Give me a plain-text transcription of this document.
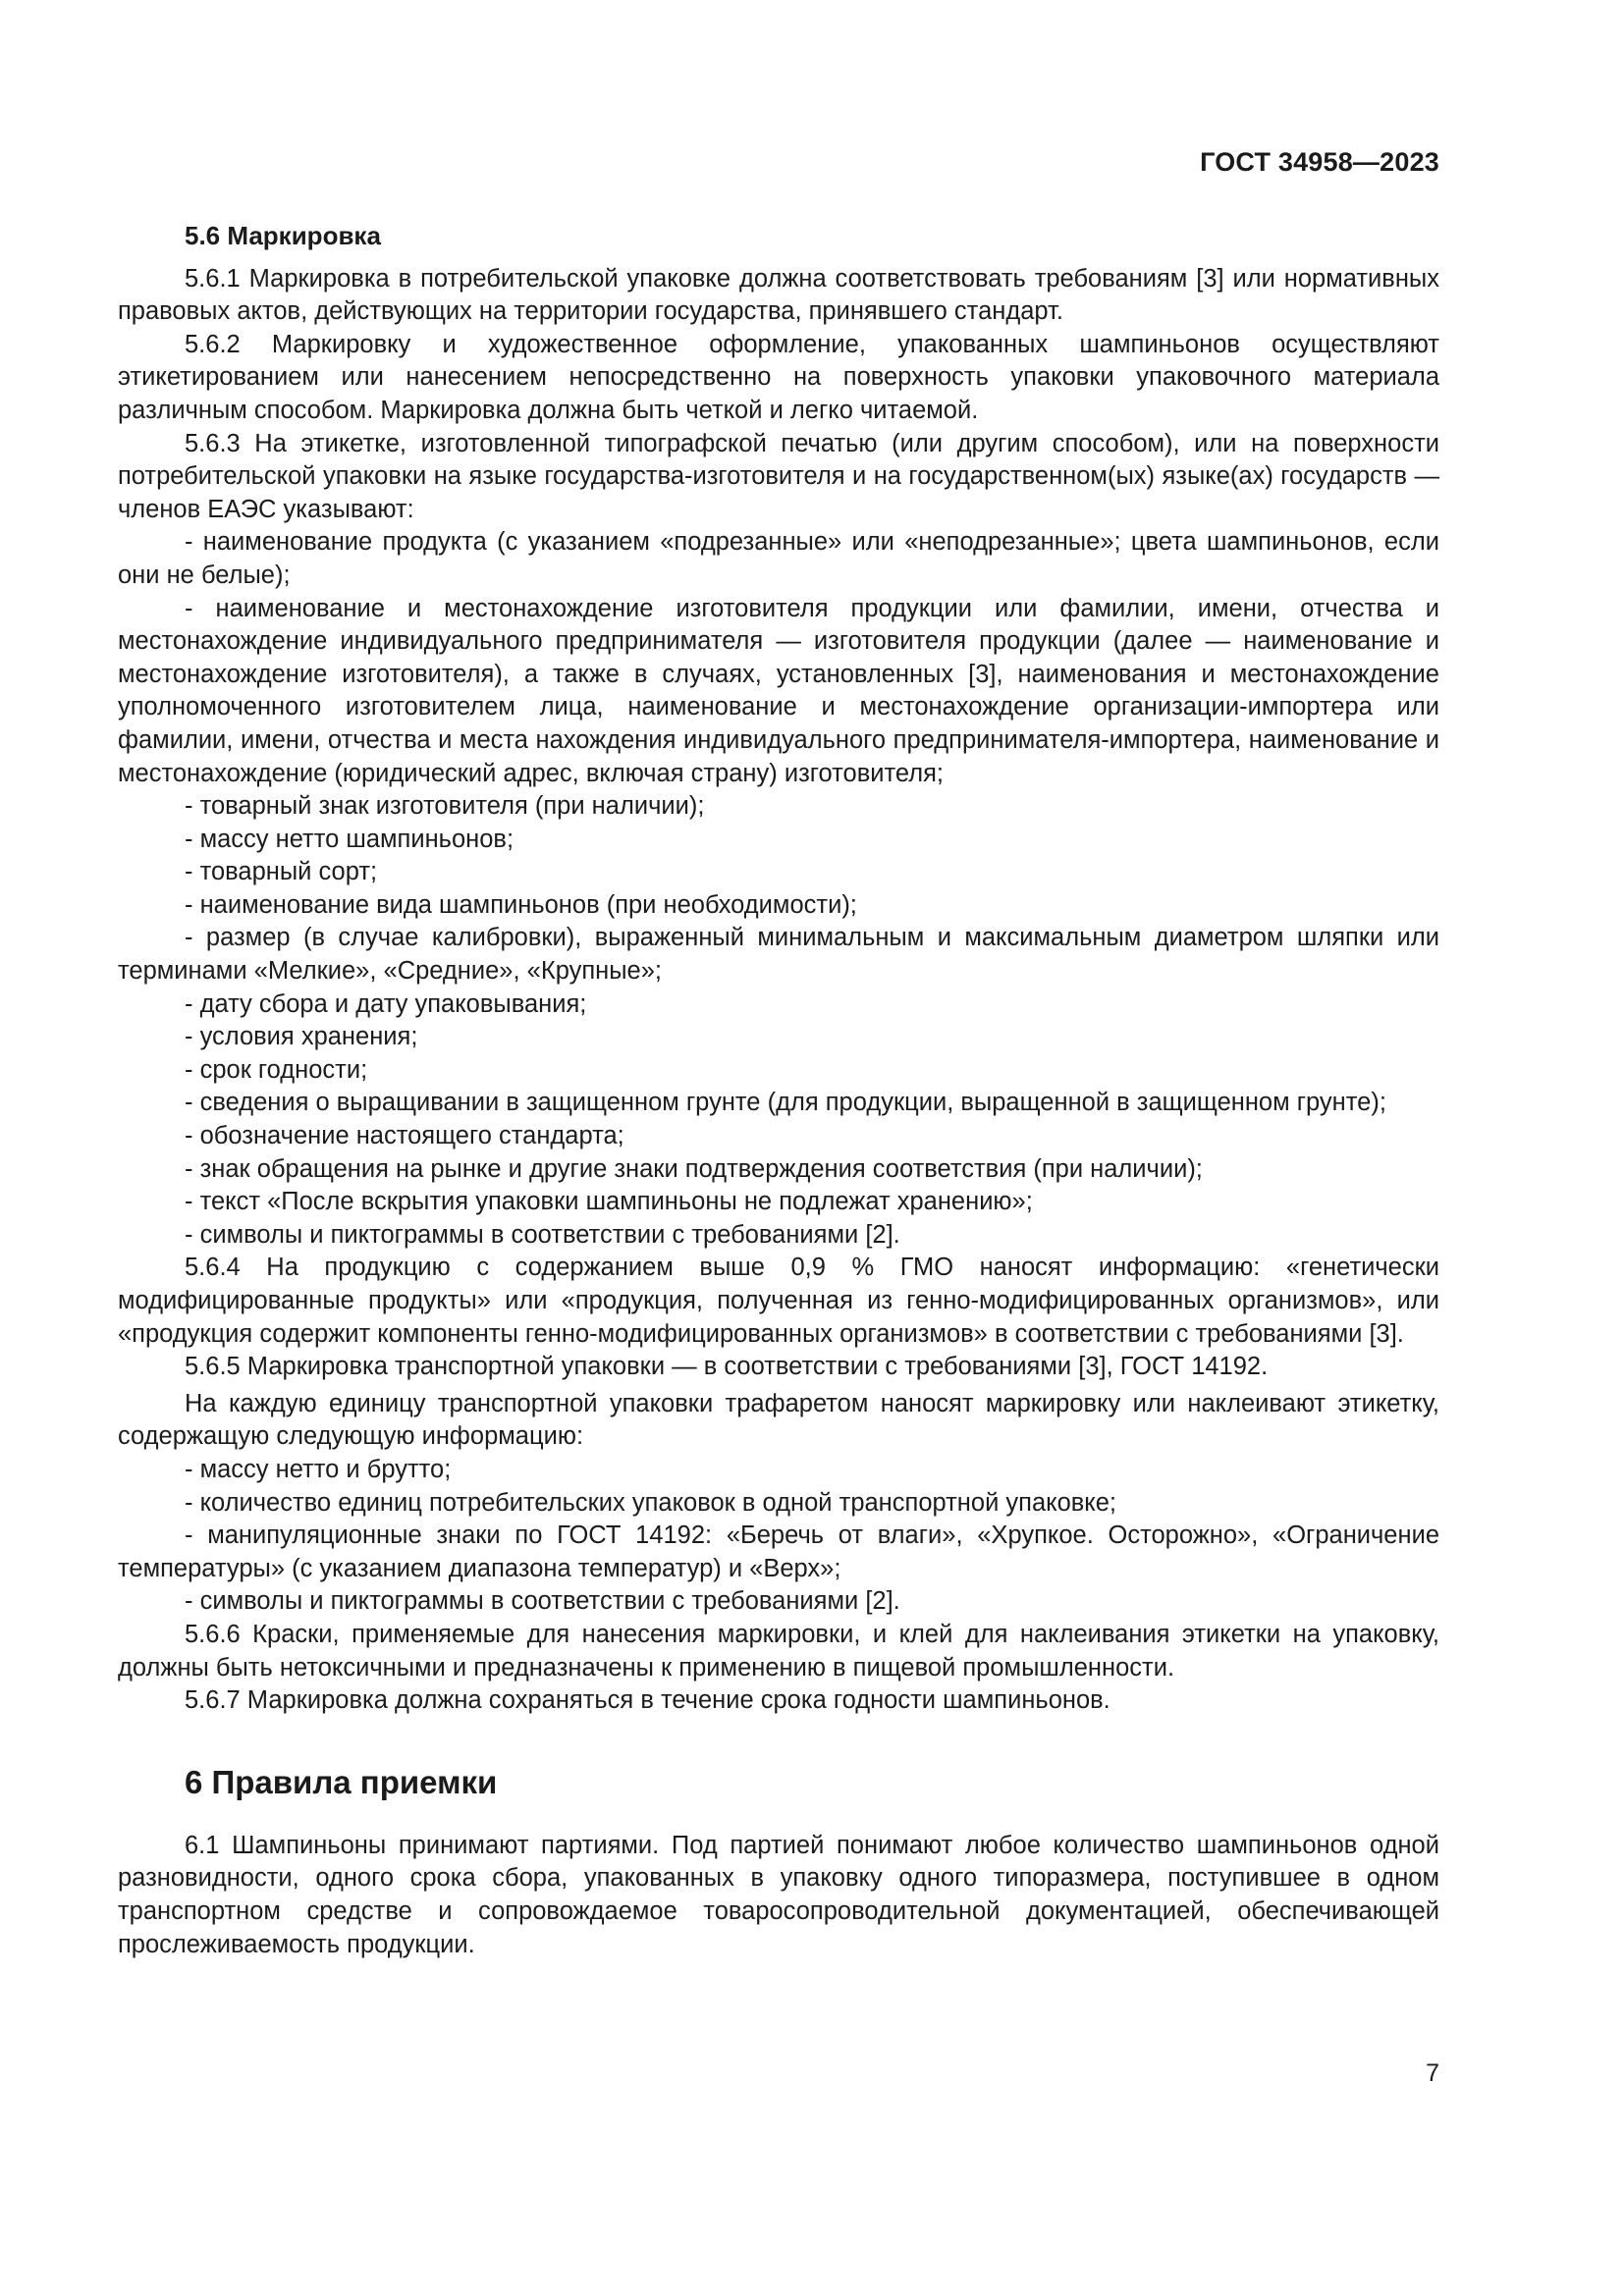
ГОСТ 34958—2023

5.6 Маркировка

5.6.1 Маркировка в потребительской упаковке должна соответствовать требованиям [3] или нормативных правовых актов, действующих на территории государства, принявшего стандарт.

5.6.2 Маркировку и художественное оформление, упакованных шампиньонов осуществляют этикетированием или нанесением непосредственно на поверхность упаковки упаковочного материала различным способом. Маркировка должна быть четкой и легко читаемой.

5.6.3 На этикетке, изготовленной типографской печатью (или другим способом), или на поверхности потребительской упаковки на языке государства-изготовителя и на государственном(ых) языке(ах) государств — членов ЕАЭС указывают:

- наименование продукта (с указанием «подрезанные» или «неподрезанные»; цвета шампиньонов, если они не белые);

- наименование и местонахождение изготовителя продукции или фамилии, имени, отчества и местонахождение индивидуального предпринимателя — изготовителя продукции (далее — наименование и местонахождение изготовителя), а также в случаях, установленных [3], наименования и местонахождение уполномоченного изготовителем лица, наименование и местонахождение организации-импортера или фамилии, имени, отчества и места нахождения индивидуального предпринимателя-импортера, наименование и местонахождение (юридический адрес, включая страну) изготовителя;

- товарный знак изготовителя (при наличии);

- массу нетто шампиньонов;

- товарный сорт;

- наименование вида шампиньонов (при необходимости);

- размер (в случае калибровки), выраженный минимальным и максимальным диаметром шляпки или терминами «Мелкие», «Средние», «Крупные»;

- дату сбора и дату упаковывания;

- условия хранения;

- срок годности;

- сведения о выращивании в защищенном грунте (для продукции, выращенной в защищенном грунте);

- обозначение настоящего стандарта;

- знак обращения на рынке и другие знаки подтверждения соответствия (при наличии);

- текст «После вскрытия упаковки шампиньоны не подлежат хранению»;

- символы и пиктограммы в соответствии с требованиями [2].

5.6.4 На продукцию с содержанием выше 0,9 % ГМО наносят информацию: «генетически модифицированные продукты» или «продукция, полученная из генно-модифицированных организмов», или «продукция содержит компоненты генно-модифицированных организмов» в соответствии с требованиями [3].

5.6.5 Маркировка транспортной упаковки — в соответствии с требованиями [3], ГОСТ 14192.

На каждую единицу транспортной упаковки трафаретом наносят маркировку или наклеивают этикетку, содержащую следующую информацию:

- массу нетто и брутто;

- количество единиц потребительских упаковок в одной транспортной упаковке;

- манипуляционные знаки по ГОСТ 14192: «Беречь от влаги», «Хрупкое. Осторожно», «Ограничение температуры» (с указанием диапазона температур) и «Верх»;

- символы и пиктограммы в соответствии с требованиями [2].

5.6.6 Краски, применяемые для нанесения маркировки, и клей для наклеивания этикетки на упаковку, должны быть нетоксичными и предназначены к применению в пищевой промышленности.

5.6.7 Маркировка должна сохраняться в течение срока годности шампиньонов.

6 Правила приемки

6.1 Шампиньоны принимают партиями. Под партией понимают любое количество шампиньонов одной разновидности, одного срока сбора, упакованных в упаковку одного типоразмера, поступившее в одном транспортном средстве и сопровождаемое товаросопроводительной документацией, обеспечивающей прослеживаемость продукции.

7
